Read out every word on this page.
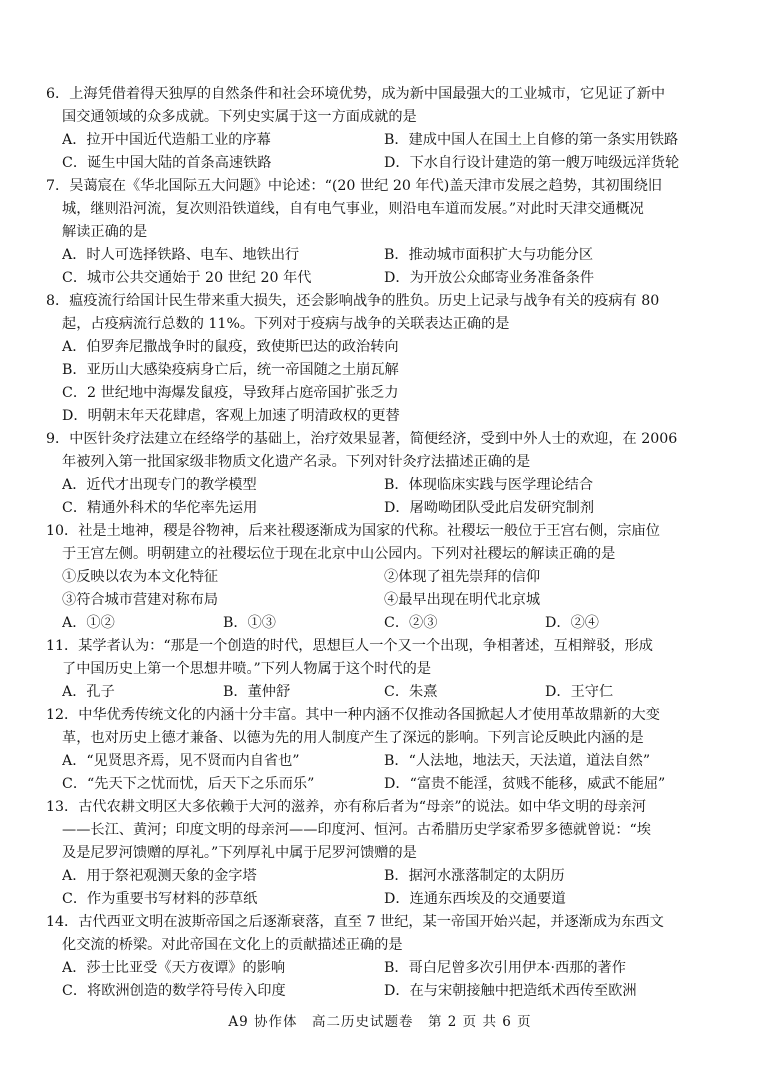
6．上海凭借着得天独厚的自然条件和社会环境优势，成为新中国最强大的工业城市，它见证了新中
国交通领域的众多成就。下列史实属于这一方面成就的是
A．拉开中国近代造船工业的序幕	B．建成中国人在国土上自修的第一条实用铁路
C．诞生中国大陆的首条高速铁路	D．下水自行设计建造的第一艘万吨级远洋货轮
7．吴蔼宸在《华北国际五大问题》中论述：“(20 世纪 20 年代)盖天津市发展之趋势，其初围绕旧
城，继则沿河流，复次则沿铁道线，自有电气事业，则沿电车道而发展。”对此时天津交通概况
解读正确的是
A．时人可选择铁路、电车、地铁出行	B．推动城市面积扩大与功能分区
C．城市公共交通始于 20 世纪 20 年代	D．为开放公众邮寄业务准备条件
8．瘟疫流行给国计民生带来重大损失，还会影响战争的胜负。历史上记录与战争有关的疫病有 80
起，占疫病流行总数的 11%。下列对于疫病与战争的关联表达正确的是
A．伯罗奔尼撒战争时的鼠疫，致使斯巴达的政治转向
B．亚历山大感染疫病身亡后，统一帝国随之土崩瓦解
C．2 世纪地中海爆发鼠疫，导致拜占庭帝国扩张乏力
D．明朝末年天花肆虐，客观上加速了明清政权的更替
9．中医针灸疗法建立在经络学的基础上，治疗效果显著，简便经济，受到中外人士的欢迎，在 2006
年被列入第一批国家级非物质文化遗产名录。下列对针灸疗法描述正确的是
A．近代才出现专门的教学模型	B．体现临床实践与医学理论结合
C．精通外科术的华佗率先运用	D．屠呦呦团队受此启发研究制剂
10．社是土地神，稷是谷物神，后来社稷逐渐成为国家的代称。社稷坛一般位于王宫右侧，宗庙位
于王宫左侧。明朝建立的社稷坛位于现在北京中山公园内。下列对社稷坛的解读正确的是
①反映以农为本文化特征	②体现了祖先崇拜的信仰
③符合城市营建对称布局	④最早出现在明代北京城
A．①②	B．①③	C．②③	D．②④
11．某学者认为：“那是一个创造的时代，思想巨人一个又一个出现，争相著述，互相辩驳，形成
了中国历史上第一个思想井喷。”下列人物属于这个时代的是
A．孔子	B．董仲舒	C．朱熹	D．王守仁
12．中华优秀传统文化的内涵十分丰富。其中一种内涵不仅推动各国掀起人才使用革故鼎新的大变
革，也对历史上德才兼备、以德为先的用人制度产生了深远的影响。下列言论反映此内涵的是
A．“见贤思齐焉，见不贤而内自省也”	B．“人法地，地法天，天法道，道法自然”
C．“先天下之忧而忧，后天下之乐而乐”	D．“富贵不能淫，贫贱不能移，威武不能屈”
13．古代农耕文明区大多依赖于大河的滋养，亦有称后者为“母亲”的说法。如中华文明的母亲河
——长江、黄河；印度文明的母亲河——印度河、恒河。古希腊历史学家希罗多德就曾说：“埃
及是尼罗河馈赠的厚礼。”下列厚礼中属于尼罗河馈赠的是
A．用于祭祀观测天象的金字塔	B．据河水涨落制定的太阴历
C．作为重要书写材料的莎草纸	D．连通东西埃及的交通要道
14．古代西亚文明在波斯帝国之后逐渐衰落，直至 7 世纪，某一帝国开始兴起，并逐渐成为东西文
化交流的桥梁。对此帝国在文化上的贡献描述正确的是
A．莎士比亚受《天方夜谭》的影响	B．哥白尼曾多次引用伊本·西那的著作
C．将欧洲创造的数学符号传入印度	D．在与宋朝接触中把造纸术西传至欧洲
A9 协作体　高二历史试题卷　第 2 页 共 6 页
